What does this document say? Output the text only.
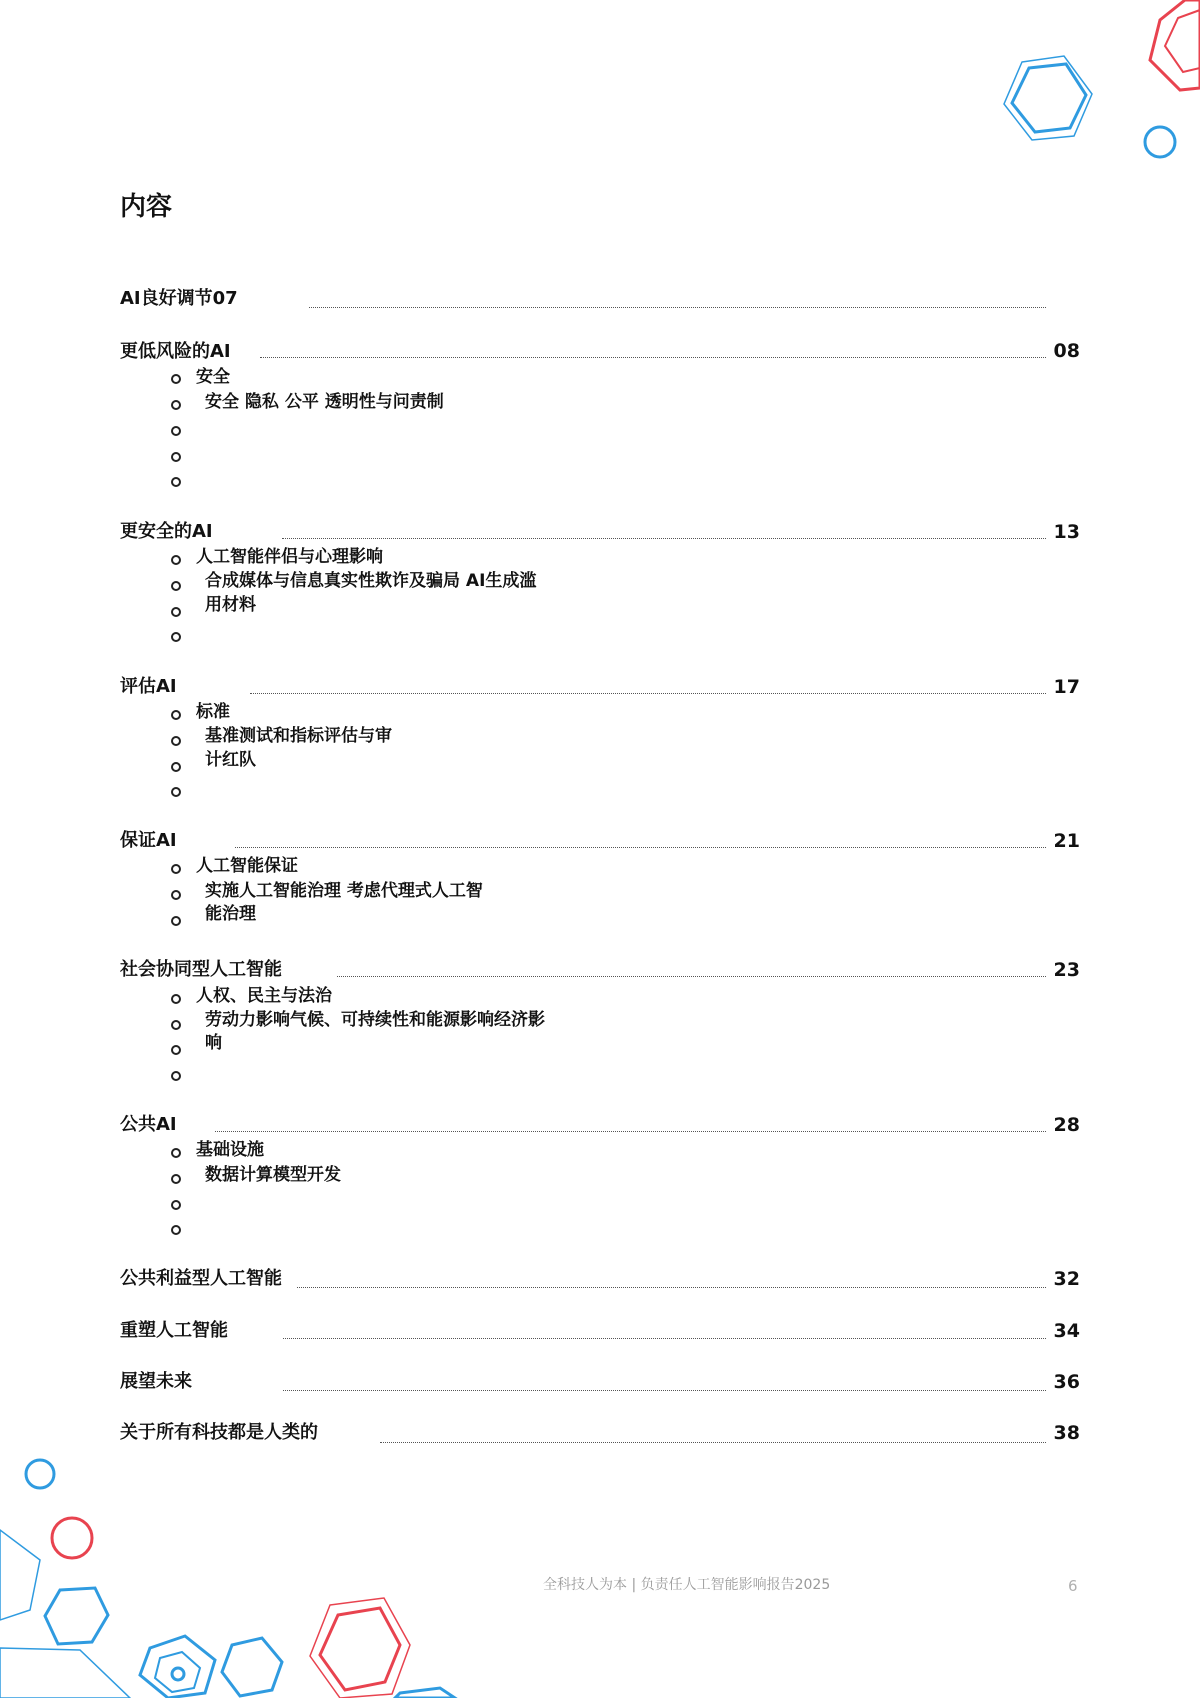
内容
AI良好调节07
更低风险的AI	08
安全
安全 隐私 公平 透明性与问责制
更安全的AI	13
人工智能伴侣与心理影响
合成媒体与信息真实性欺诈及骗局 AI生成滥
用材料
评估AI	17
标准
基准测试和指标评估与审
计红队
保证AI	21
人工智能保证
实施人工智能治理 考虑代理式人工智
能治理
社会协同型人工智能	23
人权、民主与法治
劳动力影响气候、可持续性和能源影响经济影
响
公共AI	28
基础设施
数据计算模型开发
公共利益型人工智能	32
重塑人工智能	34
展望未来	36
关于所有科技都是人类的	38
全科技人为本 | 负责任人工智能影响报告2025	6
